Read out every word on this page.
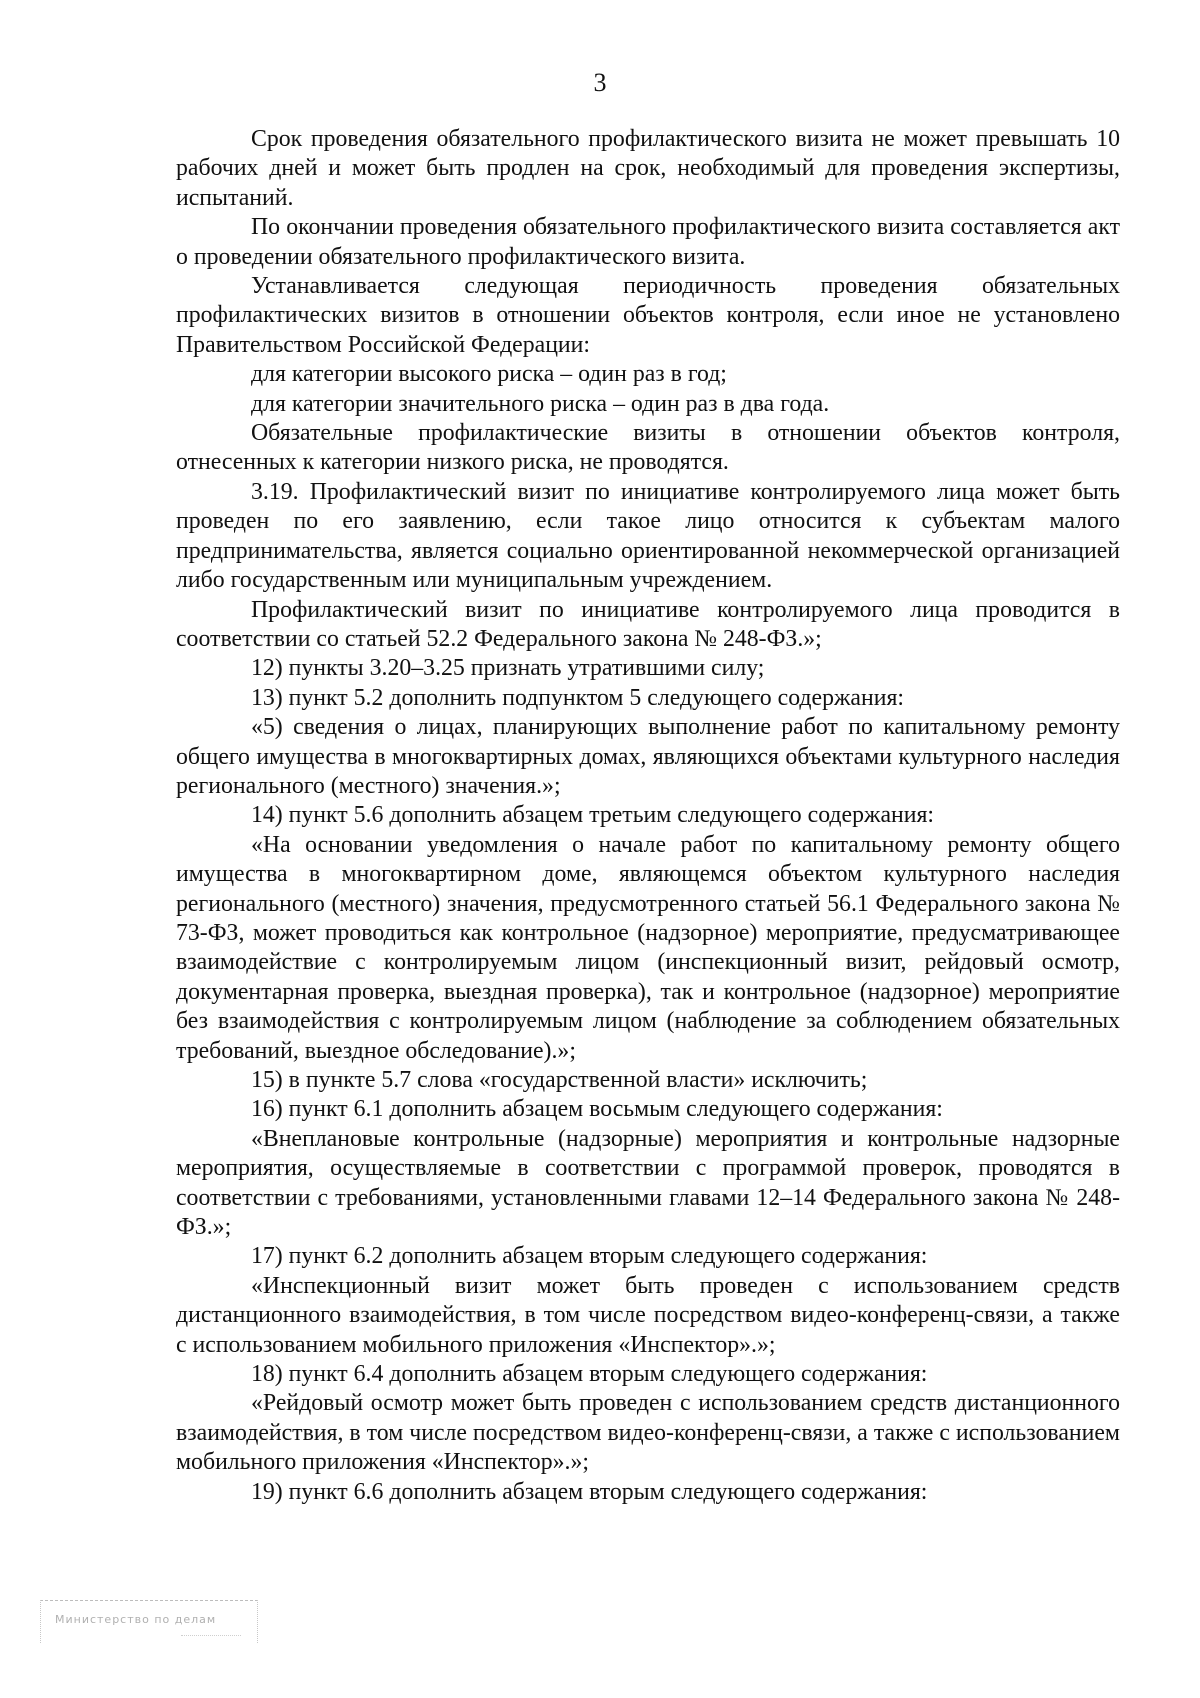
3

Срок проведения обязательного профилактического визита не может превышать 10 рабочих дней и может быть продлен на срок, необходимый для проведения экспертизы, испытаний.

По окончании проведения обязательного профилактического визита составляется акт о проведении обязательного профилактического визита.

Устанавливается следующая периодичность проведения обязательных профилактических визитов в отношении объектов контроля, если иное не установлено Правительством Российской Федерации:

для категории высокого риска – один раз в год;

для категории значительного риска – один раз в два года.

Обязательные профилактические визиты в отношении объектов контроля, отнесенных к категории низкого риска, не проводятся.

3.19. Профилактический визит по инициативе контролируемого лица может быть проведен по его заявлению, если такое лицо относится к субъектам малого предпринимательства, является социально ориентированной некоммерческой организацией либо государственным или муниципальным учреждением.

Профилактический визит по инициативе контролируемого лица проводится в соответствии со статьей 52.2 Федерального закона № 248-ФЗ.»;

12) пункты 3.20–3.25 признать утратившими силу;

13) пункт 5.2 дополнить подпунктом 5 следующего содержания:

«5) сведения о лицах, планирующих выполнение работ по капитальному ремонту общего имущества в многоквартирных домах, являющихся объектами культурного наследия регионального (местного) значения.»;

14) пункт 5.6 дополнить абзацем третьим следующего содержания:

«На основании уведомления о начале работ по капитальному ремонту общего имущества в многоквартирном доме, являющемся объектом культурного наследия регионального (местного) значения, предусмотренного статьей 56.1 Федерального закона № 73-ФЗ, может проводиться как контрольное (надзорное) мероприятие, предусматривающее взаимодействие с контролируемым лицом (инспекционный визит, рейдовый осмотр, документарная проверка, выездная проверка), так и контрольное (надзорное) мероприятие без взаимодействия с контролируемым лицом (наблюдение за соблюдением обязательных требований, выездное обследование).»;

15) в пункте 5.7 слова «государственной власти» исключить;

16) пункт 6.1 дополнить абзацем восьмым следующего содержания:

«Внеплановые контрольные (надзорные) мероприятия и контрольные надзорные мероприятия, осуществляемые в соответствии с программой проверок, проводятся в соответствии с требованиями, установленными главами 12–14 Федерального закона № 248-ФЗ.»;

17) пункт 6.2 дополнить абзацем вторым следующего содержания:

«Инспекционный визит может быть проведен с использованием средств дистанционного взаимодействия, в том числе посредством видео-конференц-связи, а также с использованием мобильного приложения «Инспектор».»;

18) пункт 6.4 дополнить абзацем вторым следующего содержания:

«Рейдовый осмотр может быть проведен с использованием средств дистанционного взаимодействия, в том числе посредством видео-конференц-связи, а также с использованием мобильного приложения «Инспектор».»;

19) пункт 6.6 дополнить абзацем вторым следующего содержания:

Министерство по делам
